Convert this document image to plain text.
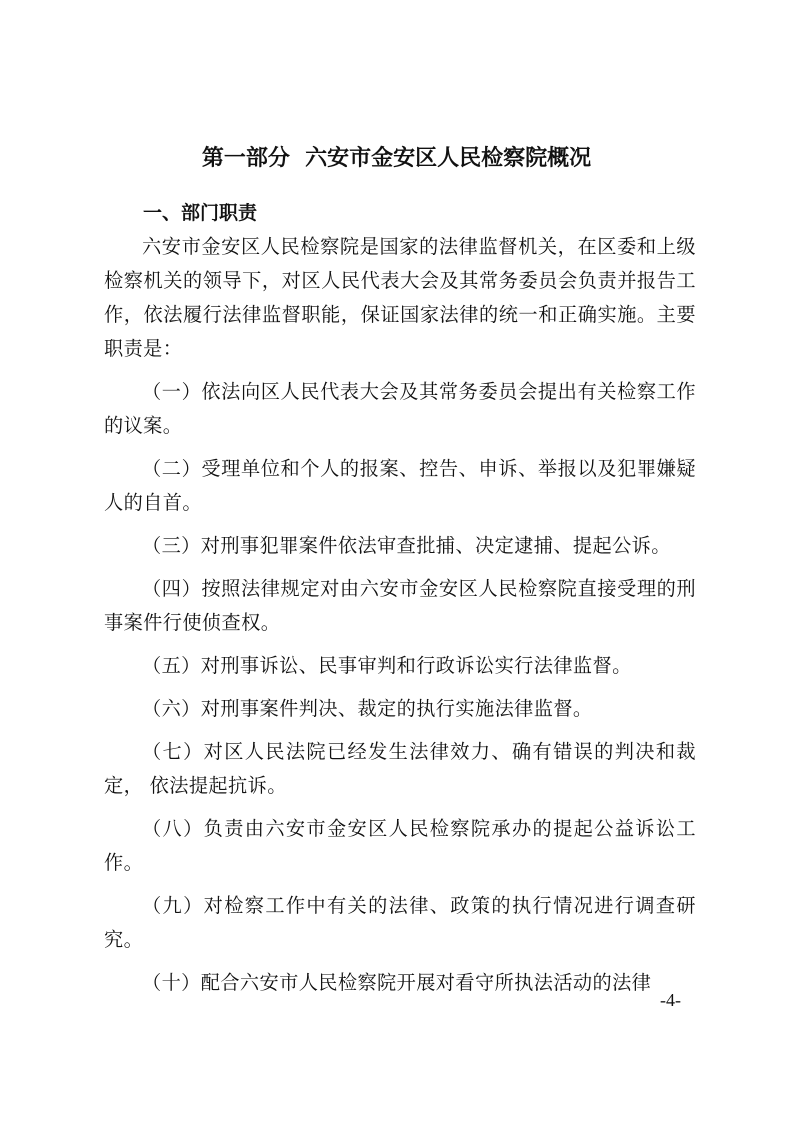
第一部分  六安市金安区人民检察院概况
一、部门职责

六安市金安区人民检察院是国家的法律监督机关，在区委和上级检察机关的领导下，对区人民代表大会及其常务委员会负责并报告工作，依法履行法律监督职能，保证国家法律的统一和正确实施。主要职责是：

（一）依法向区人民代表大会及其常务委员会提出有关检察工作的议案。

（二）受理单位和个人的报案、控告、申诉、举报以及犯罪嫌疑人的自首。

（三）对刑事犯罪案件依法审查批捕、决定逮捕、提起公诉。

（四）按照法律规定对由六安市金安区人民检察院直接受理的刑事案件行使侦查权。

（五）对刑事诉讼、民事审判和行政诉讼实行法律监督。

（六）对刑事案件判决、裁定的执行实施法律监督。

（七）对区人民法院已经发生法律效力、确有错误的判决和裁定， 依法提起抗诉。

（八）负责由六安市金安区人民检察院承办的提起公益诉讼工作。

（九）对检察工作中有关的法律、政策的执行情况进行调查研究。

（十）配合六安市人民检察院开展对看守所执法活动的法律

-4-
